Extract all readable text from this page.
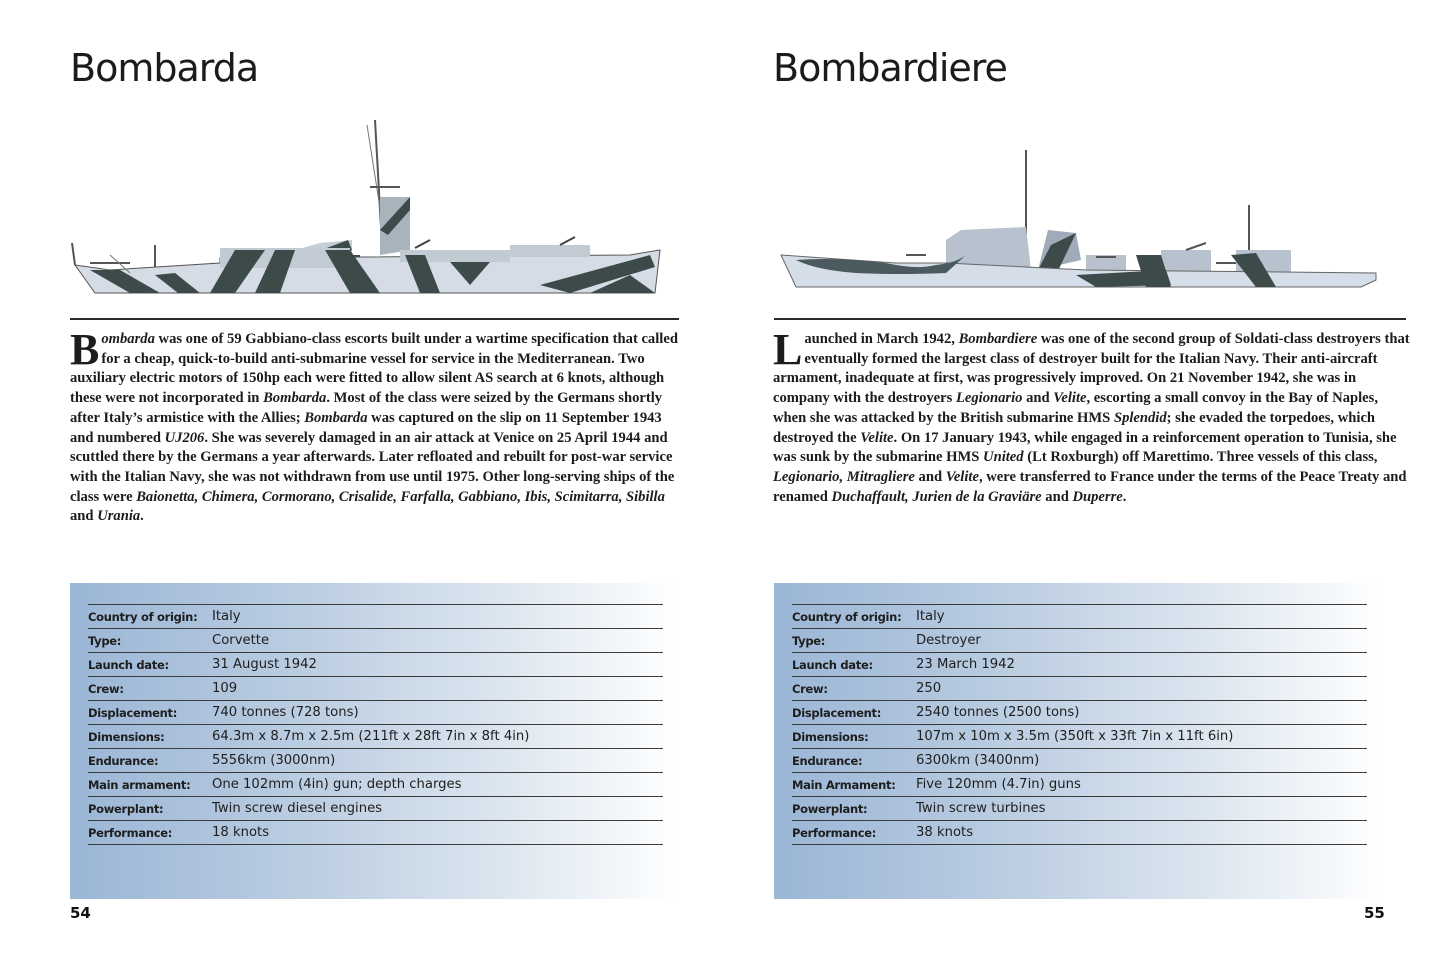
Bombarda

B ombarda was one of 59 Gabbiano-class escorts built under a wartime specification that called for a cheap, quick-to-build anti-submarine vessel for service in the Mediterranean. Two auxiliary electric motors of 150hp each were fitted to allow silent AS search at 6 knots, although these were not incorporated in Bombarda. Most of the class were seized by the Germans shortly after Italy’s armistice with the Allies; Bombarda was captured on the slip on 11 September 1943 and numbered UJ206. She was severely damaged in an air attack at Venice on 25 April 1944 and scuttled there by the Germans a year afterwards. Later refloated and rebuilt for post-war service with the Italian Navy, she was not withdrawn from use until 1975. Other long-serving ships of the class were Baionetta, Chimera, Cormorano, Crisalide, Farfalla, Gabbiano, Ibis, Scimitarra, Sibilla and Urania.

Country of origin:	Italy
Type:	Corvette
Launch date:	31 August 1942
Crew:	109
Displacement:	740 tonnes (728 tons)
Dimensions:	64.3m x 8.7m x 2.5m (211ft x 28ft 7in x 8ft 4in)
Endurance:	5556km (3000nm)
Main armament:	One 102mm (4in) gun; depth charges
Powerplant:	Twin screw diesel engines
Performance:	18 knots
54
Bombardiere

L aunched in March 1942, Bombardiere was one of the second group of Soldati-class destroyers that eventually formed the largest class of destroyer built for the Italian Navy. Their anti-aircraft armament, inadequate at first, was progressively improved. On 21 November 1942, she was in company with the destroyers Legionario and Velite, escorting a small convoy in the Bay of Naples, when she was attacked by the British submarine HMS Splendid; she evaded the torpedoes, which destroyed the Velite. On 17 January 1943, while engaged in a reinforcement operation to Tunisia, she was sunk by the submarine HMS United (Lt Roxburgh) off Marettimo. Three vessels of this class, Legionario, Mitragliere and Velite, were transferred to France under the terms of the Peace Treaty and renamed Duchaffault, Jurien de la Graviäre and Duperre.

Country of origin:	Italy
Type:	Destroyer
Launch date:	23 March 1942
Crew:	250
Displacement:	2540 tonnes (2500 tons)
Dimensions:	107m x 10m x 3.5m (350ft x 33ft 7in x 11ft 6in)
Endurance:	6300km (3400nm)
Main Armament:	Five 120mm (4.7in) guns
Powerplant:	Twin screw turbines
Performance:	38 knots
55
